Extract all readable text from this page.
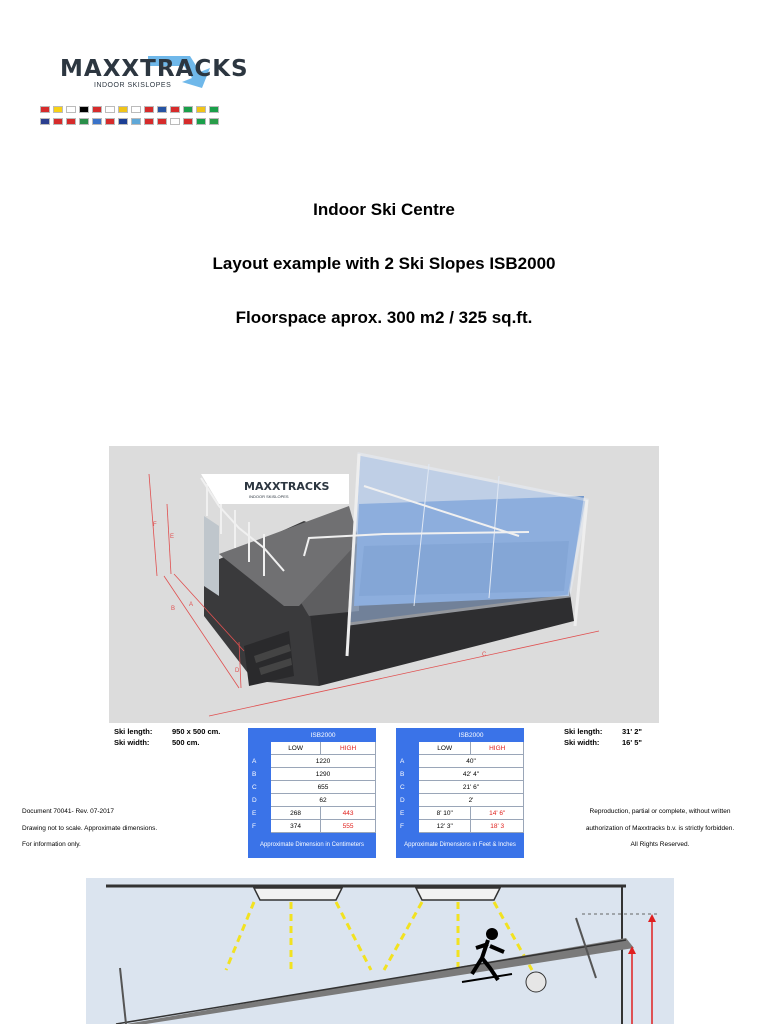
MAXXTRACKS
INDOOR SKISLOPES
Indoor Ski Centre
Layout example with 2 Ski Slopes ISB2000
Floorspace aprox. 300 m2 / 325 sq.ft.
MAXXTRACKS
INDOOR SKISLOPES
F
E
B
A
D
C
Ski length:	950 x 500 cm.
Ski width:	500 cm.
Ski length:	31' 2"
Ski width:	16' 5"
	ISB2000	
	LOW	HIGH
A	1220	
B	1290	
C	655	
D	62	
E	268	443
F	374	555
Approximate Dimension in Centimeters		
	ISB2000	
	LOW	HIGH
A	40"	
B	42' 4"	
C	21' 6"	
D	2'	
E	8' 10"	14' 6"
F	12' 3"	18' 3
Approximate Dimensions in Feet & Inches		
Document 70041- Rev. 07-2017
Drawing not to scale. Approximate dimensions.
For information only.
Reproduction, partial or complete, without written
authorization of Maxxtracks b.v. is strictly forbidden.
All Rights Reserved.
